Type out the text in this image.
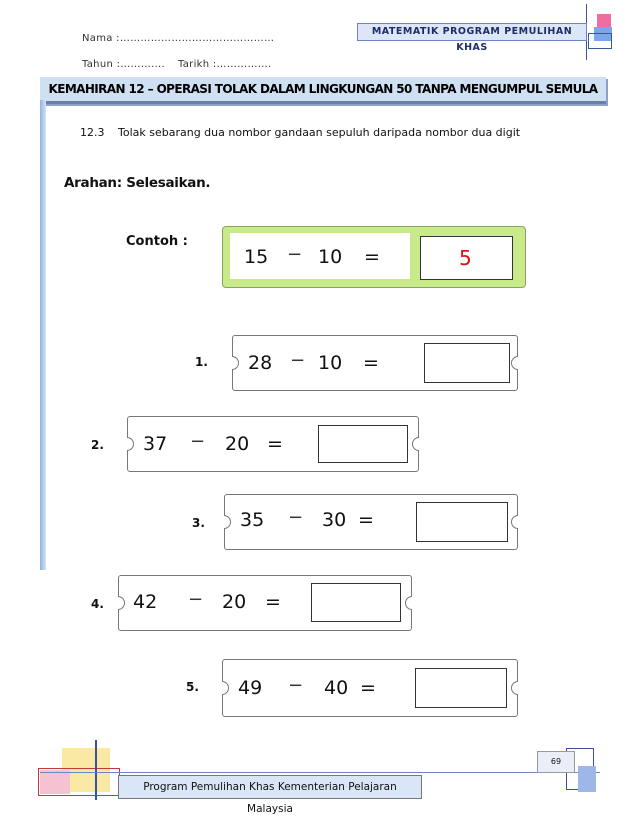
Nama :………………………………………
Tahun :…………. Tarikh :…………….
MATEMATIK PROGRAM PEMULIHAN KHAS
KEMAHIRAN 12 – OPERASI TOLAK DALAM LINGKUNGAN 50 TANPA MENGUMPUL SEMULA
12.3 Tolak sebarang dua nombor gandaan sepuluh daripada nombor dua digit
Arahan: Selesaikan.
Contoh :
15 − 10 =	5
1. 28 − 10 =
2. 37 − 20 =
3. 35 − 30 =
4. 42 − 20 =
5. 49 − 40 =
69
Program Pemulihan Khas Kementerian Pelajaran Malaysia
